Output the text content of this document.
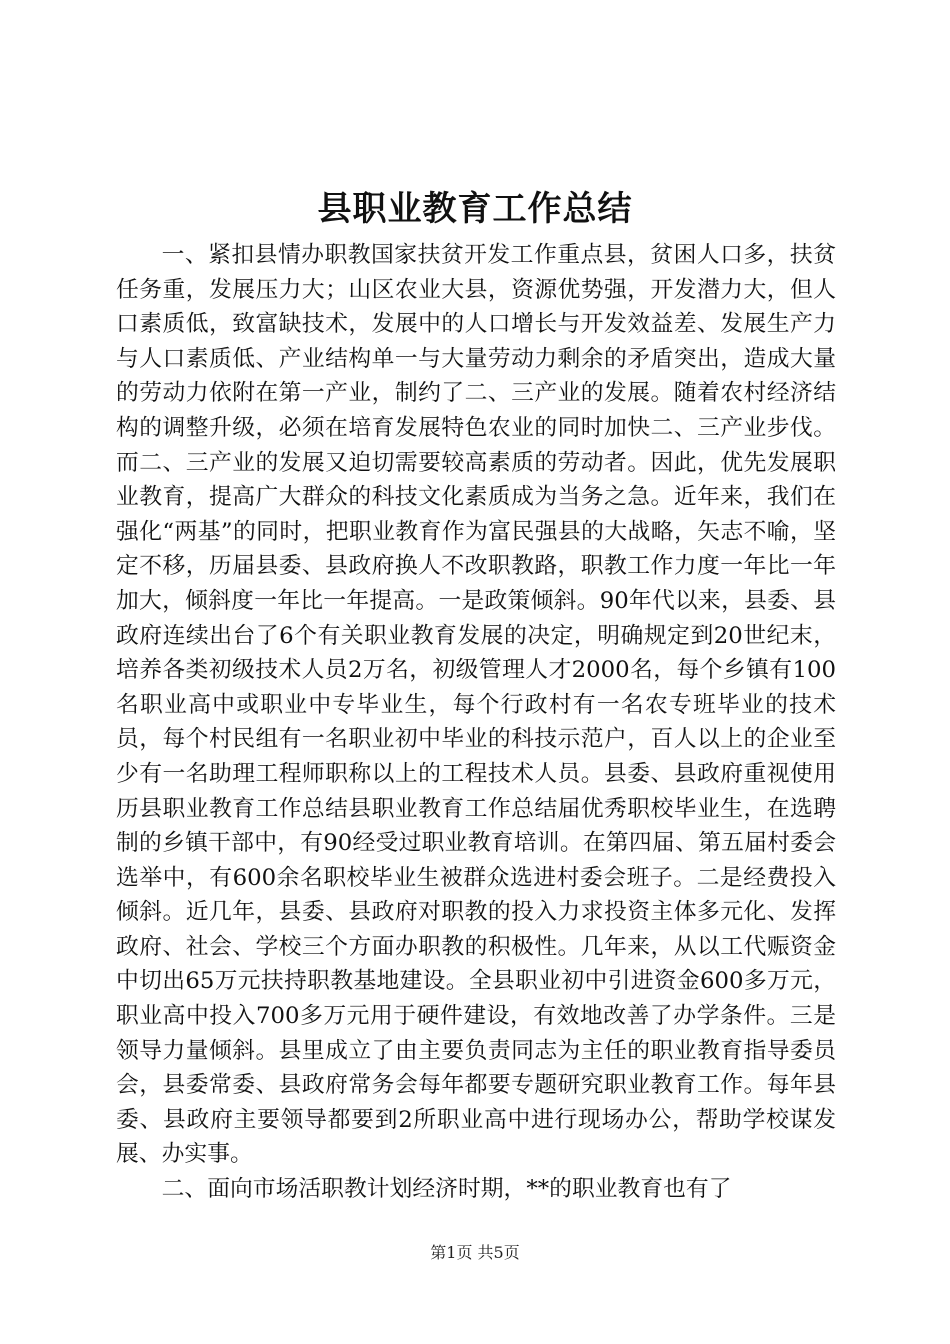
县职业教育工作总结

一、紧扣县情办职教国家扶贫开发工作重点县，贫困人口多，扶贫任务重，发展压力大；山区农业大县，资源优势强，开发潜力大，但人口素质低，致富缺技术，发展中的人口增长与开发效益差、发展生产力与人口素质低、产业结构单一与大量劳动力剩余的矛盾突出，造成大量的劳动力依附在第一产业，制约了二、三产业的发展。随着农村经济结构的调整升级，必须在培育发展特色农业的同时加快二、三产业步伐。而二、三产业的发展又迫切需要较高素质的劳动者。因此，优先发展职业教育，提高广大群众的科技文化素质成为当务之急。近年来，我们在强化“两基”的同时，把职业教育作为富民强县的大战略，矢志不喻，坚定不移，历届县委、县政府换人不改职教路，职教工作力度一年比一年加大，倾斜度一年比一年提高。一是政策倾斜。90年代以来，县委、县政府连续出台了6个有关职业教育发展的决定，明确规定到20世纪末，培养各类初级技术人员2万名，初级管理人才2000名，每个乡镇有100名职业高中或职业中专毕业生，每个行政村有一名农专班毕业的技术员，每个村民组有一名职业初中毕业的科技示范户，百人以上的企业至少有一名助理工程师职称以上的工程技术人员。县委、县政府重视使用历县职业教育工作总结县职业教育工作总结届优秀职校毕业生，在选聘制的乡镇干部中，有90经受过职业教育培训。在第四届、第五届村委会选举中，有600余名职校毕业生被群众选进村委会班子。二是经费投入倾斜。近几年，县委、县政府对职教的投入力求投资主体多元化、发挥政府、社会、学校三个方面办职教的积极性。几年来，从以工代赈资金中切出65万元扶持职教基地建设。全县职业初中引进资金600多万元，职业高中投入700多万元用于硬件建设，有效地改善了办学条件。三是领导力量倾斜。县里成立了由主要负责同志为主任的职业教育指导委员会，县委常委、县政府常务会每年都要专题研究职业教育工作。每年县委、县政府主要领导都要到2所职业高中进行现场办公，帮助学校谋发展、办实事。

二、面向市场活职教计划经济时期，**的职业教育也有了

第1页 共5页
